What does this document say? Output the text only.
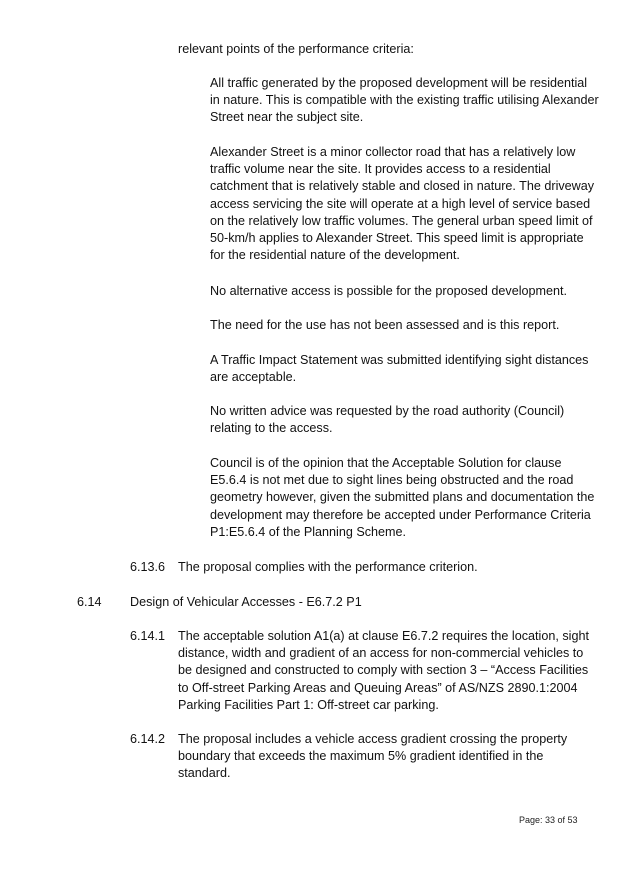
relevant points of the performance criteria:

All traffic generated by the proposed development will be residential in nature. This is compatible with the existing traffic utilising Alexander Street near the subject site.

Alexander Street is a minor collector road that has a relatively low traffic volume near the site. It provides access to a residential catchment that is relatively stable and closed in nature. The driveway access servicing the site will operate at a high level of service based on the relatively low traffic volumes. The general urban speed limit of 50-km/h applies to Alexander Street. This speed limit is appropriate for the residential nature of the development.

No alternative access is possible for the proposed development.

The need for the use has not been assessed and is this report.

A Traffic Impact Statement was submitted identifying sight distances are acceptable.

No written advice was requested by the road authority (Council) relating to the access.

Council is of the opinion that the Acceptable Solution for clause E5.6.4 is not met due to sight lines being obstructed and the road geometry however, given the submitted plans and documentation the development may therefore be accepted under Performance Criteria P1:E5.6.4 of the Planning Scheme.

6.13.6 The proposal complies with the performance criterion.

6.14 Design of Vehicular Accesses - E6.7.2 P1

6.14.1 The acceptable solution A1(a) at clause E6.7.2 requires the location, sight distance, width and gradient of an access for non-commercial vehicles to be designed and constructed to comply with section 3 – “Access Facilities to Off-street Parking Areas and Queuing Areas” of AS/NZS 2890.1:2004 Parking Facilities Part 1: Off-street car parking.

6.14.2 The proposal includes a vehicle access gradient crossing the property boundary that exceeds the maximum 5% gradient identified in the standard.

Page: 33 of 53
